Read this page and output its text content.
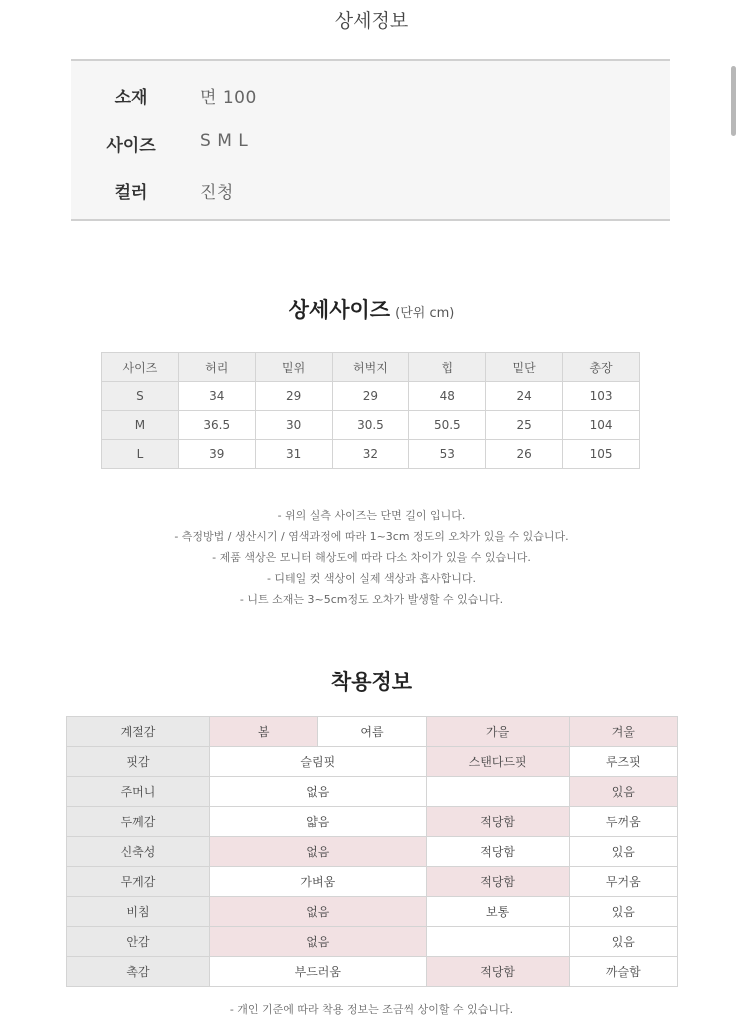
상세정보
소재	면 100
사이즈	S M L
컬러	진청
상세사이즈 (단위 cm)
사이즈	허리	밑위	허벅지	힙	밑단	총장
S	34	29	29	48	24	103
M	36.5	30	30.5	50.5	25	104
L	39	31	32	53	26	105
- 위의 실측 사이즈는 단면 길이 입니다.
- 측정방법 / 생산시기 / 염색과정에 따라 1~3cm 정도의 오차가 있을 수 있습니다.
- 제품 색상은 모니터 해상도에 따라 다소 차이가 있을 수 있습니다.
- 디테일 컷 색상이 실제 색상과 흡사합니다.
- 니트 소재는 3~5cm정도 오차가 발생할 수 있습니다.
착용정보
계절감	봄	여름	가을	겨울
핏감	슬림핏		스탠다드핏	루즈핏
주머니	없음			있음
두께감	얇음		적당함	두꺼움
신축성	없음		적당함	있음
무게감	가벼움		적당함	무거움
비침	없음		보통	있음
안감	없음			있음
촉감	부드러움		적당함	까슬함
- 개인 기준에 따라 착용 정보는 조금씩 상이할 수 있습니다.
